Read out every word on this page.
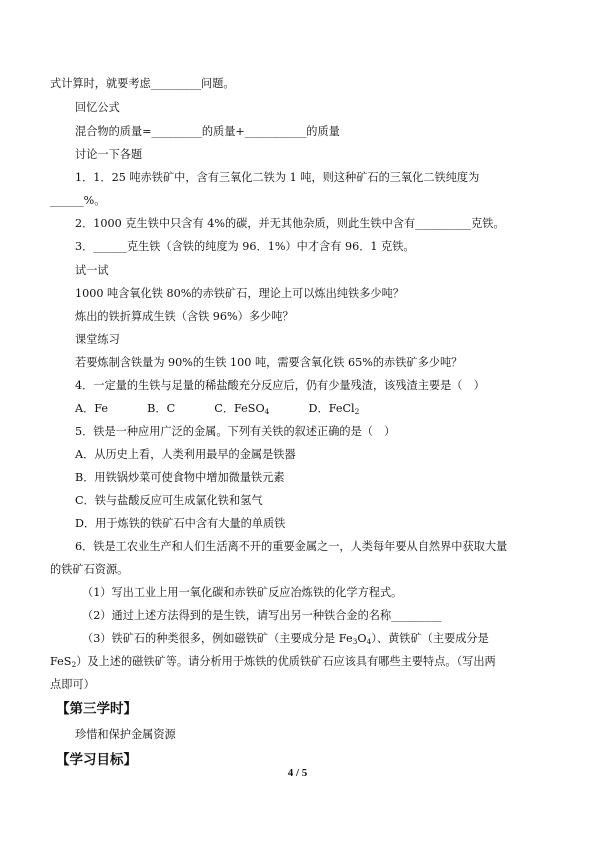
式计算时，就要考虑_________问题。
回忆公式
混合物的质量=_________的质量+___________的质量
讨论一下各题
1．1．25 吨赤铁矿中，含有三氧化二铁为 1 吨，则这种矿石的三氧化二铁纯度为
______%。
2．1000 克生铁中只含有 4%的碳，并无其他杂质，则此生铁中含有__________克铁。
3．______克生铁（含铁的纯度为 96．1%）中才含有 96．1 克铁。
试一试
1000 吨含氧化铁 80%的赤铁矿石，理论上可以炼出纯铁多少吨？
炼出的铁折算成生铁（含铁 96%）多少吨？
课堂练习
若要炼制含铁量为 90%的生铁 100 吨，需要含氧化铁 65%的赤铁矿多少吨？
4．一定量的生铁与足量的稀盐酸充分反应后，仍有少量残渣，该残渣主要是（　）
A．Fe	B．C	C．FeSO$_4$	D．FeCl$_2$
5．铁是一种应用广泛的金属。下列有关铁的叙述正确的是（　）
A．从历史上看，人类利用最早的金属是铁器
B．用铁锅炒菜可使食物中增加微量铁元素
C．铁与盐酸反应可生成氯化铁和氢气
D．用于炼铁的铁矿石中含有大量的单质铁
6．铁是工农业生产和人们生活离不开的重要金属之一，人类每年要从自然界中获取大量
的铁矿石资源。
（1）写出工业上用一氧化碳和赤铁矿反应冶炼铁的化学方程式。
（2）通过上述方法得到的是生铁，请写出另一种铁合金的名称_________
（3）铁矿石的种类很多，例如磁铁矿（主要成分是 $Fe_3O_4$）、黄铁矿（主要成分是
FeS$_2$）及上述的磁铁矿等。请分析用于炼铁的优质铁矿石应该具有哪些主要特点。（写出两
点即可）
【第三学时】
珍惜和保护金属资源
【学习目标】
4 / 5
